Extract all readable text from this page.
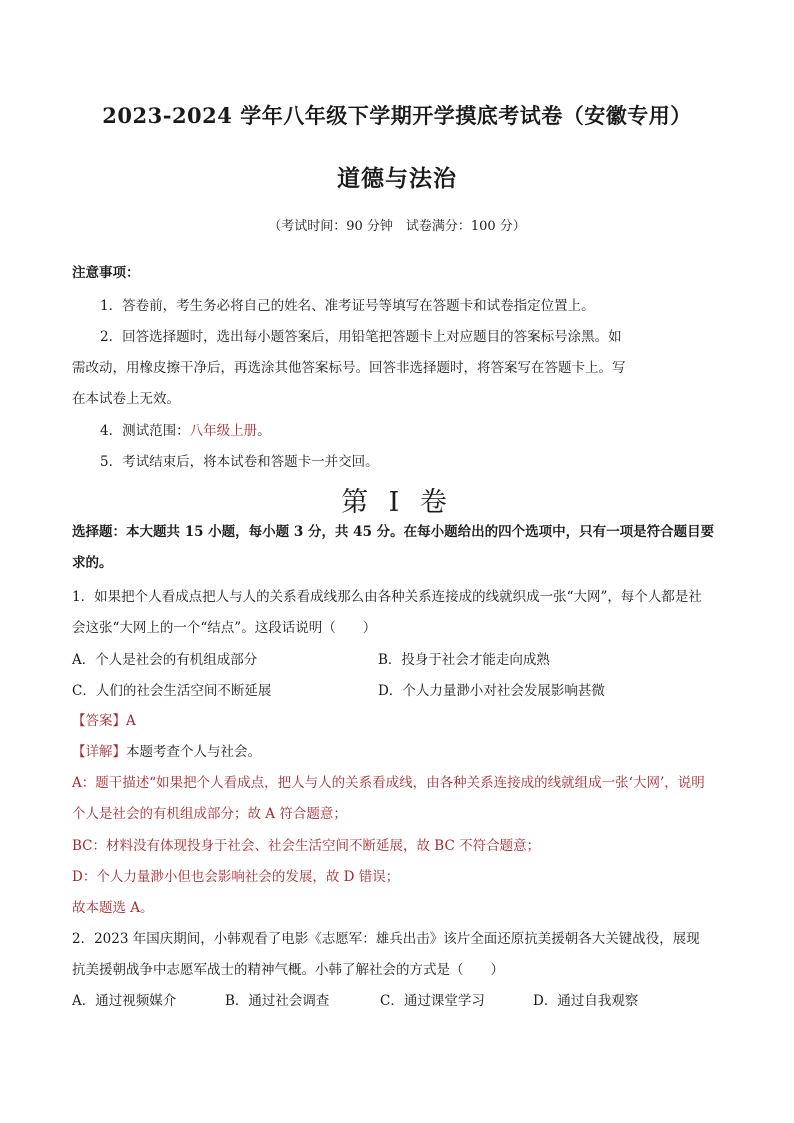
2023-2024 学年八年级下学期开学摸底考试卷（安徽专用）
道德与法治
（考试时间：90 分钟　试卷满分：100 分）
注意事项：
1．答卷前，考生务必将自己的姓名、准考证号等填写在答题卡和试卷指定位置上。
2．回答选择题时，选出每小题答案后，用铅笔把答题卡上对应题目的答案标号涂黑。如
需改动，用橡皮擦干净后，再选涂其他答案标号。回答非选择题时，将答案写在答题卡上。写
在本试卷上无效。
4．测试范围：八年级上册。
5．考试结束后，将本试卷和答题卡一并交回。
第 I 卷
选择题：本大题共 15 小题，每小题 3 分，共 45 分。在每小题给出的四个选项中，只有一项是符合题目要
求的。
1．如果把个人看成点把人与人的关系看成线那么由各种关系连接成的线就织成一张“大网”，每个人都是社
会这张“大网上的一个“结点”。这段话说明（　　）
A．个人是社会的有机组成部分	B．投身于社会才能走向成熟
C．人们的社会生活空间不断延展	D．个人力量渺小对社会发展影响甚微
【答案】A
【详解】本题考查个人与社会。
A：题干描述“如果把个人看成点，把人与人的关系看成线，由各种关系连接成的线就组成一张‘大网’，说明
个人是社会的有机组成部分；故 A 符合题意；
BC：材料没有体现投身于社会、社会生活空间不断延展，故 BC 不符合题意；
D：个人力量渺小但也会影响社会的发展，故 D 错误；
故本题选 A。
2．2023 年国庆期间，小韩观看了电影《志愿军：雄兵出击》该片全面还原抗美援朝各大关键战役，展现
抗美援朝战争中志愿军战士的精神气概。小韩了解社会的方式是（　　）
A．通过视频媒介	B．通过社会调查	C．通过课堂学习	D．通过自我观察
